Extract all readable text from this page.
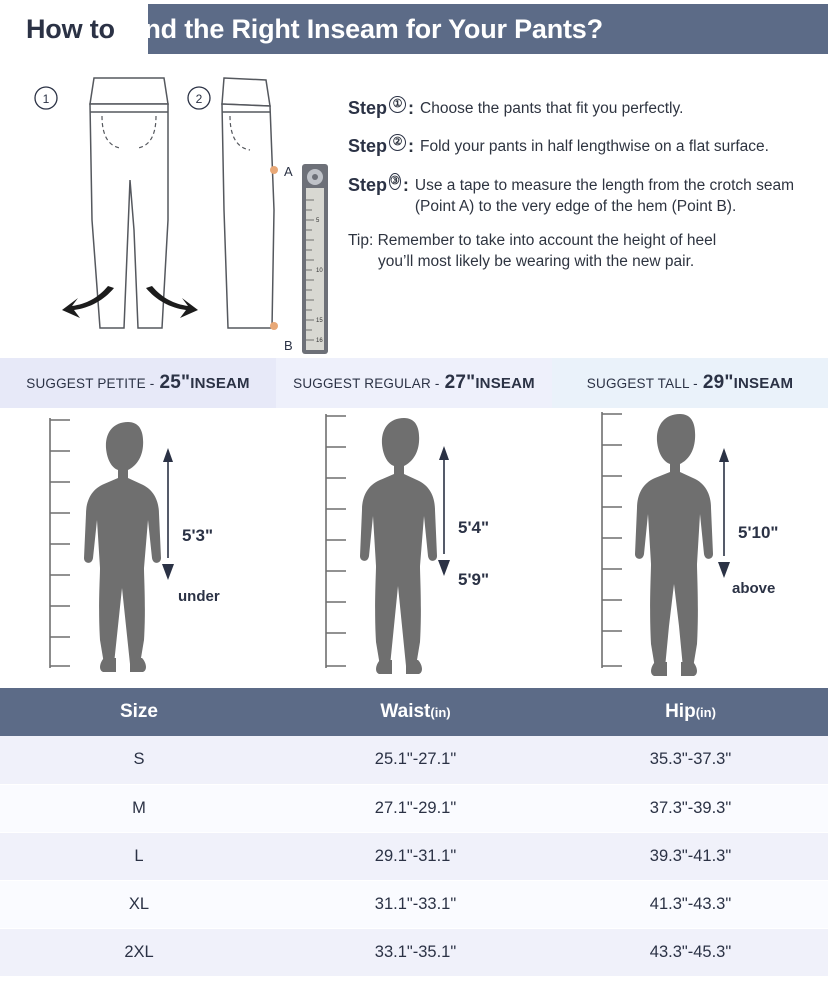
How to Find the Right Inseam for Your Pants?
1	2
A
B
5
10
15
16
Step ① : Choose the pants that fit you perfectly.
Step ② : Fold your pants in half lengthwise on a flat surface.
Step ③ : Use a tape to measure the length from the crotch seam (Point A) to the very edge of the hem (Point B).
Tip: Remember to take into account the height of heel
you’ll most likely be wearing with the new pair.
SUGGEST PETITE - 25" INSEAM	SUGGEST REGULAR - 27" INSEAM	SUGGEST TALL - 29" INSEAM
5'3"
under
5'4"
5'9"
5'10"
above
Size	Waist(in)	Hip(in)
S	25.1"-27.1"	35.3"-37.3"
M	27.1"-29.1"	37.3"-39.3"
L	29.1"-31.1"	39.3"-41.3"
XL	31.1"-33.1"	41.3"-43.3"
2XL	33.1"-35.1"	43.3"-45.3"
